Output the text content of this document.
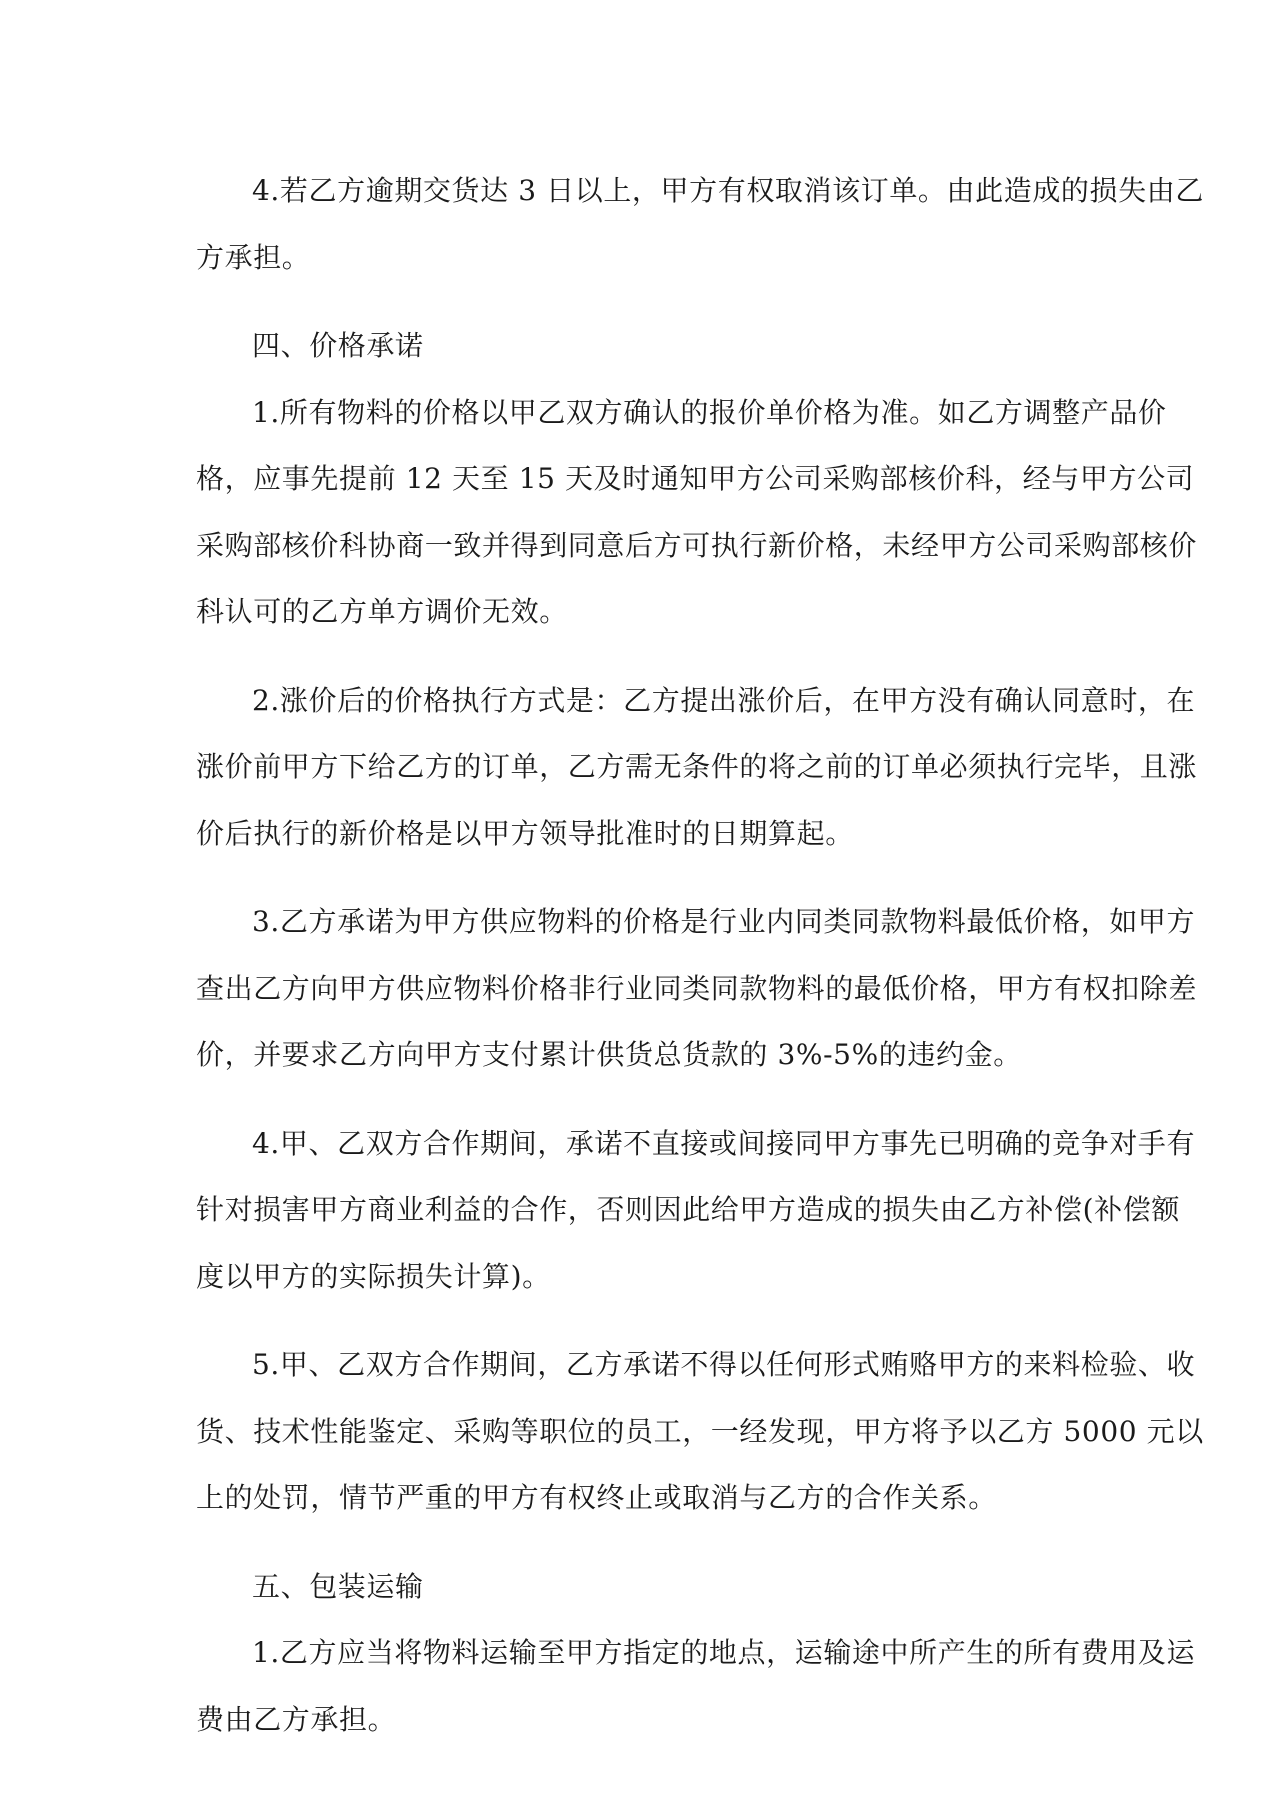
4.若乙方逾期交货达 3 日以上，甲方有权取消该订单。由此造成的损失由乙
方承担。

四、价格承诺

1.所有物料的价格以甲乙双方确认的报价单价格为准。如乙方调整产品价
格，应事先提前 12 天至 15 天及时通知甲方公司采购部核价科，经与甲方公司
采购部核价科协商一致并得到同意后方可执行新价格，未经甲方公司采购部核价
科认可的乙方单方调价无效。

2.涨价后的价格执行方式是：乙方提出涨价后，在甲方没有确认同意时，在
涨价前甲方下给乙方的订单，乙方需无条件的将之前的订单必须执行完毕，且涨
价后执行的新价格是以甲方领导批准时的日期算起。

3.乙方承诺为甲方供应物料的价格是行业内同类同款物料最低价格，如甲方
查出乙方向甲方供应物料价格非行业同类同款物料的最低价格，甲方有权扣除差
价，并要求乙方向甲方支付累计供货总货款的 3%-5%的违约金。

4.甲、乙双方合作期间，承诺不直接或间接同甲方事先已明确的竞争对手有
针对损害甲方商业利益的合作，否则因此给甲方造成的损失由乙方补偿(补偿额
度以甲方的实际损失计算)。

5.甲、乙双方合作期间，乙方承诺不得以任何形式贿赂甲方的来料检验、收
货、技术性能鉴定、采购等职位的员工，一经发现，甲方将予以乙方 5000 元以
上的处罚，情节严重的甲方有权终止或取消与乙方的合作关系。

五、包装运输

1.乙方应当将物料运输至甲方指定的地点，运输途中所产生的所有费用及运
费由乙方承担。
